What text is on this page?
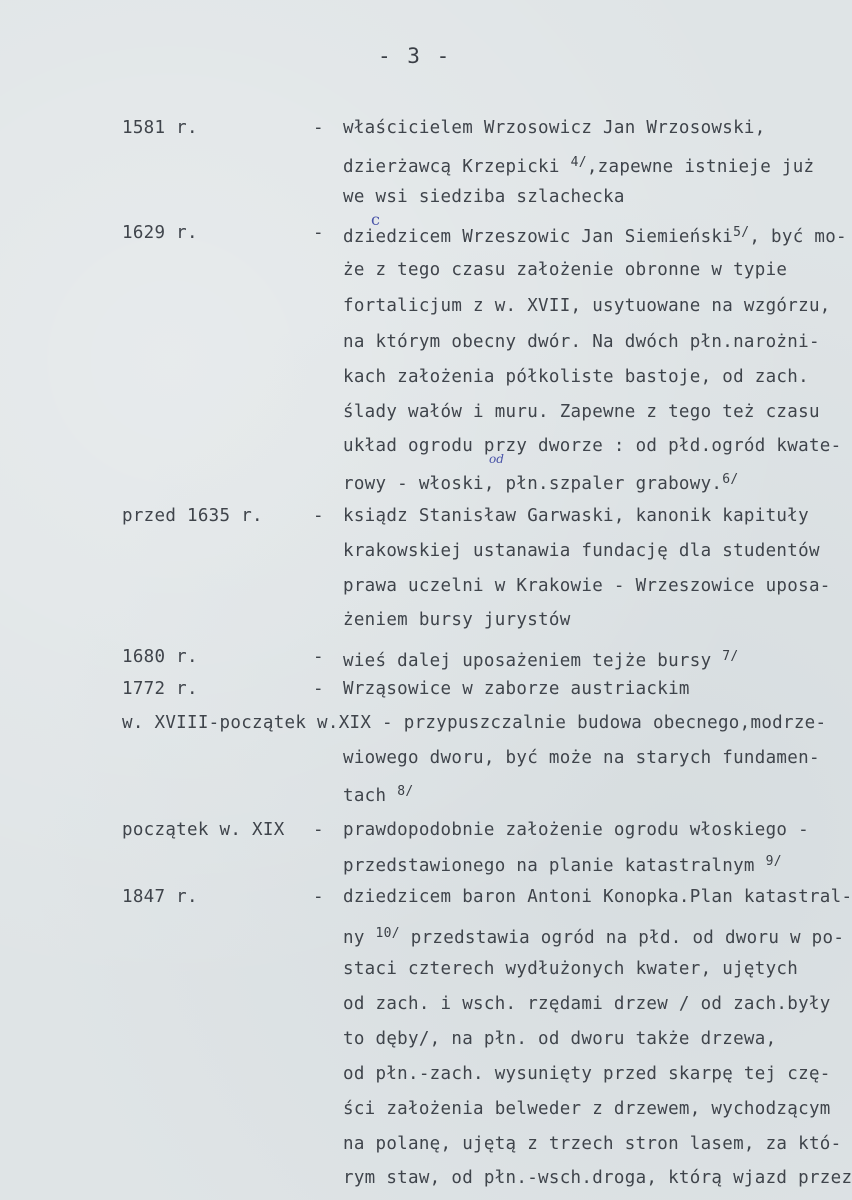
- 3 -
1581 r.	- właścicielem Wrzosowicz Jan Wrzosowski,
dzierżawcą Krzepicki $^{4/}$,zapewne istnieje już
we wsi siedziba szlachecka
1629 r.	-
c
dziedzicem Wrzeszowic Jan Siemieński$^{5/}$, być mo-
że z tego czasu założenie obronne w typie
fortalicjum z w. XVII, usytuowane na wzgórzu,
na którym obecny dwór. Na dwóch płn.narożni-
kach założenia półkoliste bastoje, od zach.
ślady wałów i muru. Zapewne z tego też czasu
układ ogrodu przy dworze : od płd.ogród kwate-
od
rowy - włoski, płn.szpaler grabowy.$^{6/}$
przed 1635 r.	- ksiądz Stanisław Garwaski, kanonik kapituły
krakowskiej ustanawia fundację dla studentów
prawa uczelni w Krakowie - Wrzeszowice uposa-
żeniem bursy jurystów
1680 r.	- wieś dalej uposażeniem tejże bursy $^{7/}$
1772 r.	- Wrząsowice w zaborze austriackim
w. XVIII-początek w.XIX - przypuszczalnie budowa obecnego,modrze-
wiowego dworu, być może na starych fundamen-
tach $^{8/}$
początek w. XIX - prawdopodobnie założenie ogrodu włoskiego -
przedstawionego na planie katastralnym $^{9/}$
1847 r.	- dziedzicem baron Antoni Konopka.Plan katastral-
ny $^{10/}$ przedstawia ogród na płd. od dworu w po-
staci czterech wydłużonych kwater, ujętych
od zach. i wsch. rzędami drzew / od zach.były
to dęby/, na płn. od dworu także drzewa,
od płn.-zach. wysunięty przed skarpę tej czę-
ści założenia belweder z drzewem, wychodzącym
na polanę, ujętą z trzech stron lasem, za któ-
rym staw, od płn.-wsch.droga, którą wjazd przez
